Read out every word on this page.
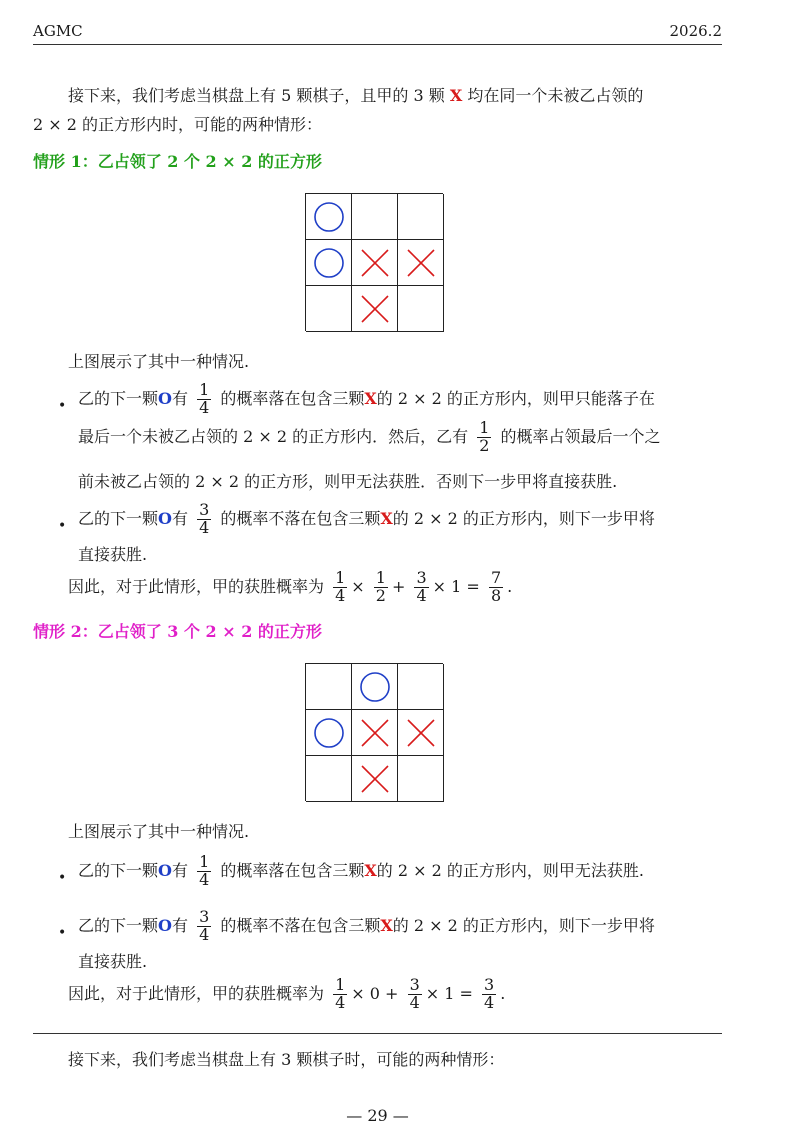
AGMC	2026.2
接下来，我们考虑当棋盘上有 5 颗棋子，且甲的 3 颗 X 均在同一个未被乙占领的
2 × 2 的正方形内时，可能的两种情形：
情形 1：乙占领了 2 个 2 × 2 的正方形
上图展示了其中一种情况.
• 乙的下一颗O有 $\frac{1}{4}$ 的概率落在包含三颗X的 2 × 2 的正方形内，则甲只能落子在
最后一个未被乙占领的 2 × 2 的正方形内．然后，乙有 $\frac{1}{2}$ 的概率占领最后一个之
前未被乙占领的 2 × 2 的正方形，则甲无法获胜．否则下一步甲将直接获胜.
• 乙的下一颗O有 $\frac{3}{4}$ 的概率不落在包含三颗X的 2 × 2 的正方形内，则下一步甲将
直接获胜.
因此，对于此情形，甲的获胜概率为 $\frac{1}{4} \times \frac{1}{2} + \frac{3}{4} \times 1 = \frac{7}{8}$ .
情形 2：乙占领了 3 个 2 × 2 的正方形
上图展示了其中一种情况.
• 乙的下一颗O有 $\frac{1}{4}$ 的概率落在包含三颗X的 2 × 2 的正方形内，则甲无法获胜.
• 乙的下一颗O有 $\frac{3}{4}$ 的概率不落在包含三颗X的 2 × 2 的正方形内，则下一步甲将
直接获胜.
因此，对于此情形，甲的获胜概率为 $\frac{1}{4} \times 0 + \frac{3}{4} \times 1 = \frac{3}{4}$ .
接下来，我们考虑当棋盘上有 3 颗棋子时，可能的两种情形：
— 29 —
